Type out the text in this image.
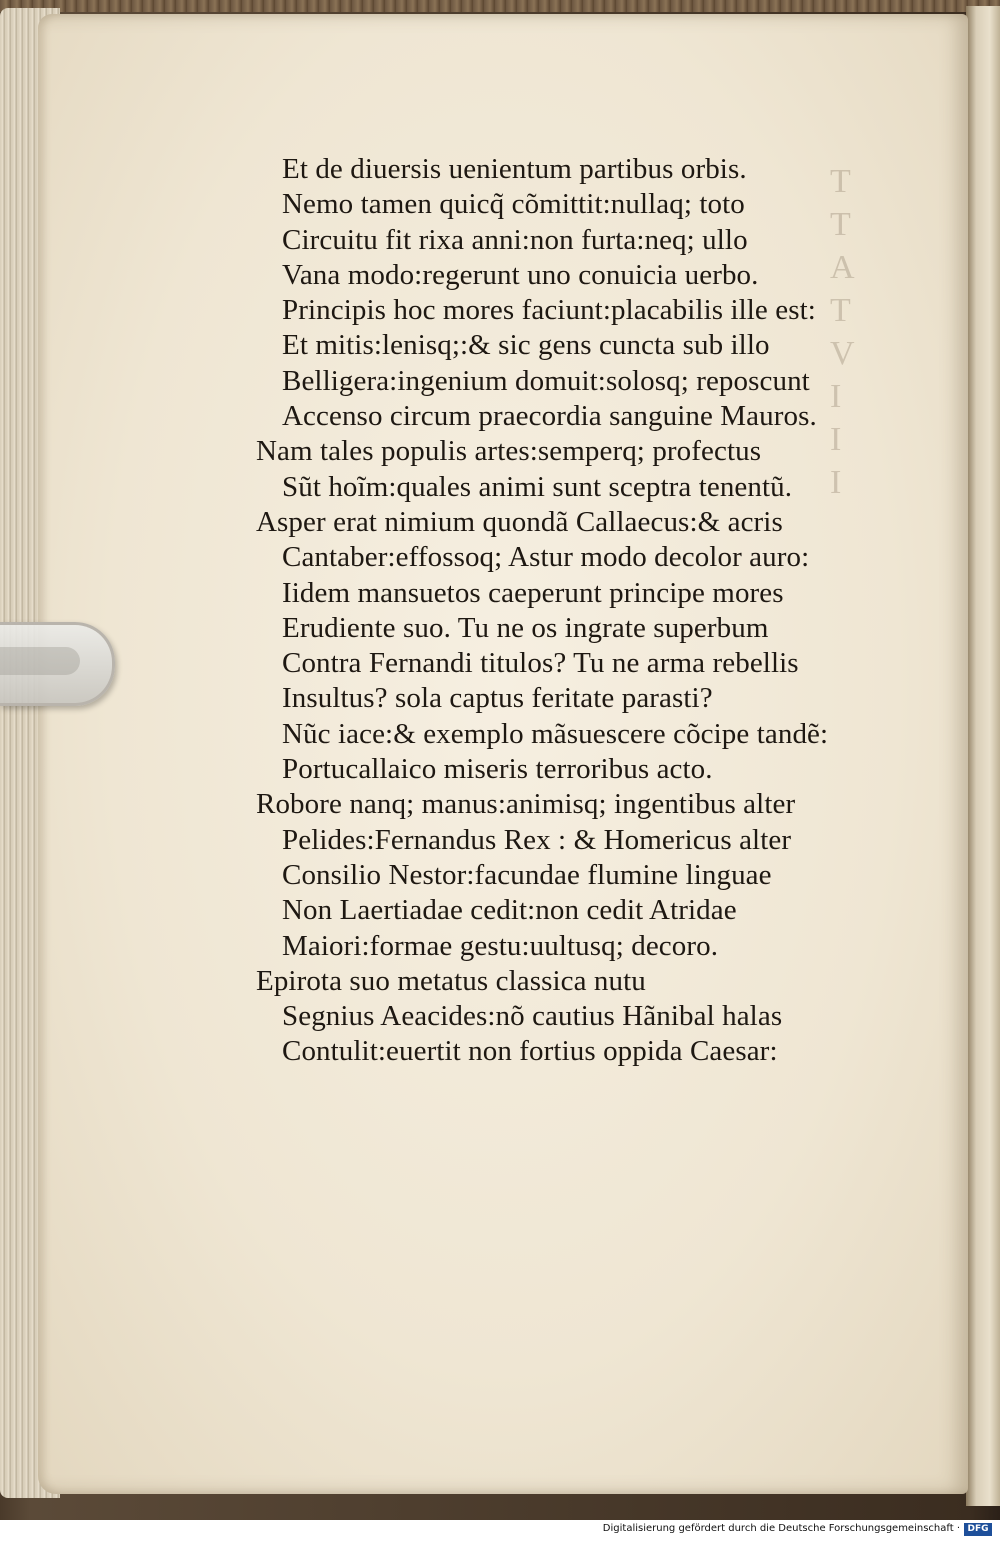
T
T
A
T
V
I
I
I
Et de diuersis uenientum partibus orbis.
Nemo tamen quicq̃ cõmittit:nullaq; toto
Circuitu fit rixa anni:non furta:neq; ullo
Vana modo:regerunt uno conuicia uerbo.
Principis hoc mores faciunt:placabilis ille est:
Et mitis:lenisq;:& sic gens cuncta sub illo
Belligera:ingenium domuit:solosq; reposcunt
Accenso circum praecordia sanguine Mauros.
Nam tales populis artes:semperq; profectus
Sũt hoĩm:quales animi sunt sceptra tenentũ.
Asper erat nimium quondã Callaecus:& acris
Cantaber:effossoq; Astur modo decolor auro:
Iidem mansuetos caeperunt principe mores
Erudiente suo. Tu ne os ingrate superbum
Contra Fernandi titulos? Tu ne arma rebellis
Insultus? sola captus feritate parasti?
Nũc iace:& exemplo mãsuescere cõcipe tandẽ:
Portucallaico miseris terroribus acto.
Robore nanq; manus:animisq; ingentibus alter
Pelides:Fernandus Rex : & Homericus alter
Consilio Nestor:facundae flumine linguae
Non Laertiadae cedit:non cedit Atridae
Maiori:formae gestu:uultusq; decoro.
Epirota suo metatus classica nutu
Segnius Aeacides:nõ cautius Hãnibal halas
Contulit:euertit non fortius oppida Caesar:
Digitalisierung gefördert durch die Deutsche Forschungsgemeinschaft · DFG
